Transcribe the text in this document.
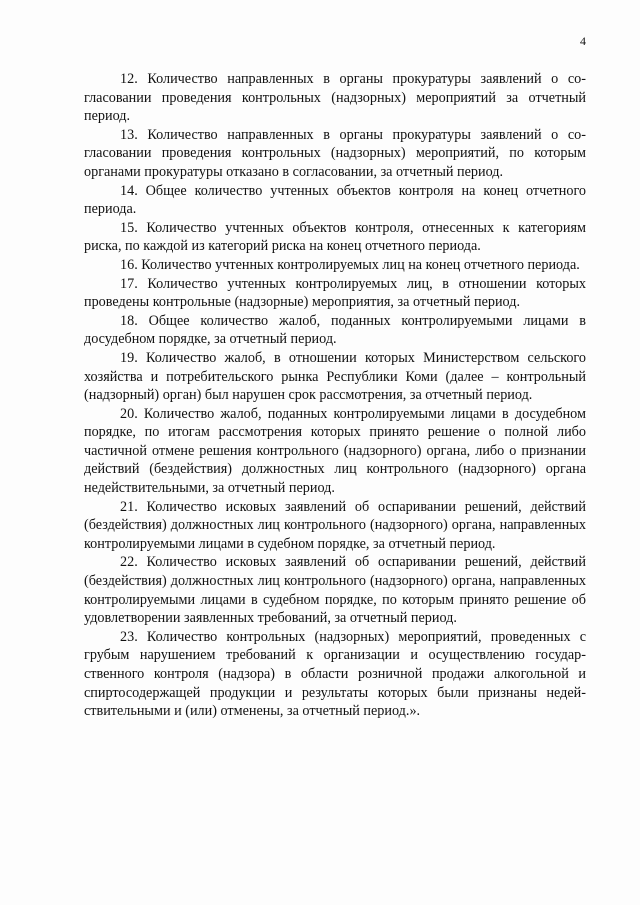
4

12. Количество направленных в органы прокуратуры заявлений о согласовании проведения контрольных (надзорных) мероприятий за отчетный период.

13. Количество направленных в органы прокуратуры заявлений о согласовании проведения контрольных (надзорных) мероприятий, по которым органами прокуратуры отказано в согласовании, за отчетный период.

14. Общее количество учтенных объектов контроля на конец отчетного периода.

15. Количество учтенных объектов контроля, отнесенных к категориям риска, по каждой из категорий риска на конец отчетного периода.

16. Количество учтенных контролируемых лиц на конец отчетного периода.

17. Количество учтенных контролируемых лиц, в отношении которых проведены контрольные (надзорные) мероприятия, за отчетный период.

18. Общее количество жалоб, поданных контролируемыми лицами в досудебном порядке, за отчетный период.

19. Количество жалоб, в отношении которых Министерством сельского хозяйства и потребительского рынка Республики Коми (далее – контрольный (надзорный) орган) был нарушен срок рассмотрения, за отчетный период.

20. Количество жалоб, поданных контролируемыми лицами в досудебном порядке, по итогам рассмотрения которых принято решение о полной либо частичной отмене решения контрольного (надзорного) органа, либо о признании действий (бездействия) должностных лиц контрольного (надзорного) органа недействительными, за отчетный период.

21. Количество исковых заявлений об оспаривании решений, действий (бездействия) должностных лиц контрольного (надзорного) органа, направленных контролируемыми лицами в судебном порядке, за отчетный период.

22. Количество исковых заявлений об оспаривании решений, действий (бездействия) должностных лиц контрольного (надзорного) органа, направленных контролируемыми лицами в судебном порядке, по которым принято решение об удовлетворении заявленных требований, за отчетный период.

23. Количество контрольных (надзорных) мероприятий, проведенных с грубым нарушением требований к организации и осуществлению государственного контроля (надзора) в области розничной продажи алкогольной и спиртосодержащей продукции и результаты которых были признаны недействительными и (или) отменены, за отчетный период.».
